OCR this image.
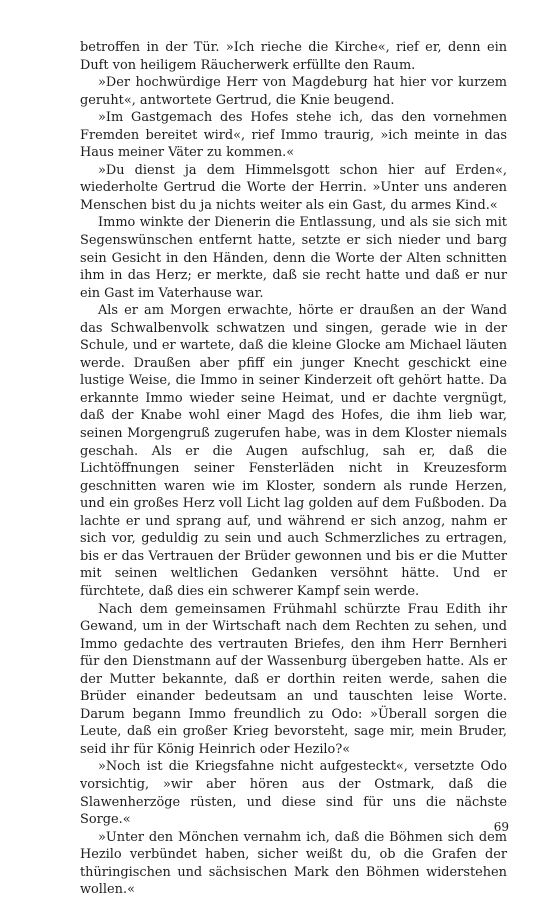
betroffen in der Tür. »Ich rieche die Kirche«, rief er, denn ein Duft von heiligem Räucherwerk erfüllte den Raum.

»Der hochwürdige Herr von Magdeburg hat hier vor kurzem geruht«, antwortete Gertrud, die Knie beugend.

»Im Gastgemach des Hofes stehe ich, das den vornehmen Fremden bereitet wird«, rief Immo traurig, »ich meinte in das Haus meiner Väter zu kommen.«

»Du dienst ja dem Himmelsgott schon hier auf Erden«, wiederholte Gertrud die Worte der Herrin. »Unter uns anderen Menschen bist du ja nichts weiter als ein Gast, du armes Kind.«

Immo winkte der Dienerin die Entlassung, und als sie sich mit Segenswünschen entfernt hatte, setzte er sich nieder und barg sein Gesicht in den Händen, denn die Worte der Alten schnitten ihm in das Herz; er merkte, daß sie recht hatte und daß er nur ein Gast im Vaterhause war.

Als er am Morgen erwachte, hörte er draußen an der Wand das Schwalbenvolk schwatzen und singen, gerade wie in der Schule, und er wartete, daß die kleine Glocke am Michael läuten werde. Draußen aber pfiff ein junger Knecht geschickt eine lustige Weise, die Immo in seiner Kinderzeit oft gehört hatte. Da erkannte Immo wieder seine Heimat, und er dachte vergnügt, daß der Knabe wohl einer Magd des Hofes, die ihm lieb war, seinen Morgengruß zugerufen habe, was in dem Kloster niemals geschah. Als er die Augen aufschlug, sah er, daß die Lichtöffnungen seiner Fensterläden nicht in Kreuzesform geschnitten waren wie im Kloster, sondern als runde Herzen, und ein großes Herz voll Licht lag golden auf dem Fußboden. Da lachte er und sprang auf, und während er sich anzog, nahm er sich vor, geduldig zu sein und auch Schmerzliches zu ertragen, bis er das Vertrauen der Brüder gewonnen und bis er die Mutter mit seinen weltlichen Gedanken versöhnt hätte. Und er fürchtete, daß dies ein schwerer Kampf sein werde.

Nach dem gemeinsamen Frühmahl schürzte Frau Edith ihr Gewand, um in der Wirtschaft nach dem Rechten zu sehen, und Immo gedachte des vertrauten Briefes, den ihm Herr Bernheri für den Dienstmann auf der Wassenburg übergeben hatte. Als er der Mutter bekannte, daß er dorthin reiten werde, sahen die Brüder einander bedeutsam an und tauschten leise Worte. Darum begann Immo freundlich zu Odo: »Überall sorgen die Leute, daß ein großer Krieg bevorsteht, sage mir, mein Bruder, seid ihr für König Heinrich oder Hezilo?«

»Noch ist die Kriegsfahne nicht aufgesteckt«, versetzte Odo vorsichtig, »wir aber hören aus der Ostmark, daß die Slawenherzöge rüsten, und diese sind für uns die nächste Sorge.«

»Unter den Mönchen vernahm ich, daß die Böhmen sich dem Hezilo verbündet haben, sicher weißt du, ob die Grafen der thüringischen und sächsischen Mark den Böhmen widerstehen wollen.«

69
